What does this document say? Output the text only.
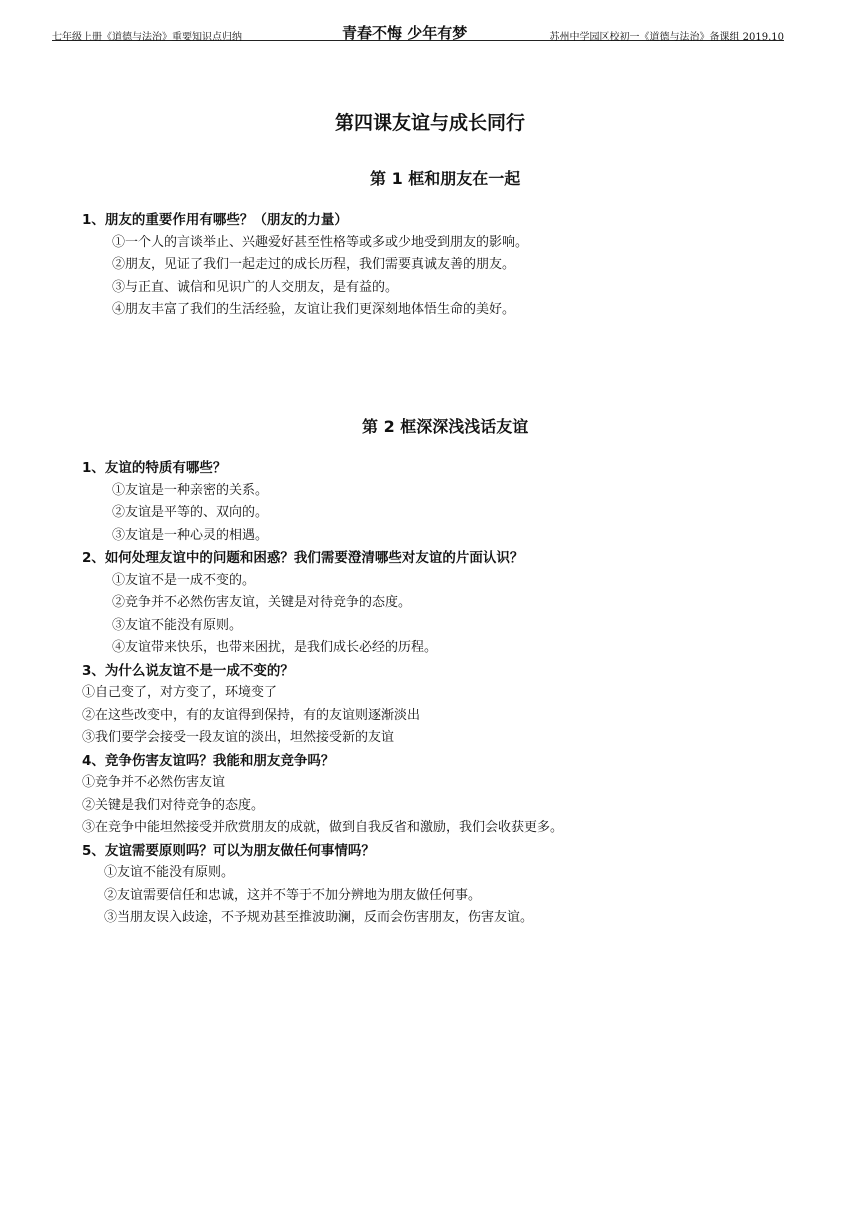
七年级上册《道德与法治》重要知识点归纳	青春不悔 少年有梦	苏州中学园区校初一《道德与法治》备课组 2019.10
第四课友谊与成长同行
第 1 框和朋友在一起
1、朋友的重要作用有哪些？（朋友的力量）
①一个人的言谈举止、兴趣爱好甚至性格等或多或少地受到朋友的影响。
②朋友，见证了我们一起走过的成长历程，我们需要真诚友善的朋友。
③与正直、诚信和见识广的人交朋友，是有益的。
④朋友丰富了我们的生活经验，友谊让我们更深刻地体悟生命的美好。
第 2 框深深浅浅话友谊
1、友谊的特质有哪些？
①友谊是一种亲密的关系。
②友谊是平等的、双向的。
③友谊是一种心灵的相遇。
2、如何处理友谊中的问题和困惑？我们需要澄清哪些对友谊的片面认识？
①友谊不是一成不变的。
②竞争并不必然伤害友谊，关键是对待竞争的态度。
③友谊不能没有原则。
④友谊带来快乐，也带来困扰，是我们成长必经的历程。
3、为什么说友谊不是一成不变的？
①自己变了，对方变了，环境变了
②在这些改变中，有的友谊得到保持，有的友谊则逐渐淡出
③我们要学会接受一段友谊的淡出，坦然接受新的友谊
4、竞争伤害友谊吗？我能和朋友竞争吗？
①竞争并不必然伤害友谊
②关键是我们对待竞争的态度。
③在竞争中能坦然接受并欣赏朋友的成就，做到自我反省和激励，我们会收获更多。
5、友谊需要原则吗？可以为朋友做任何事情吗？
①友谊不能没有原则。
②友谊需要信任和忠诚，这并不等于不加分辨地为朋友做任何事。
③当朋友误入歧途，不予规劝甚至推波助澜，反而会伤害朋友，伤害友谊。
